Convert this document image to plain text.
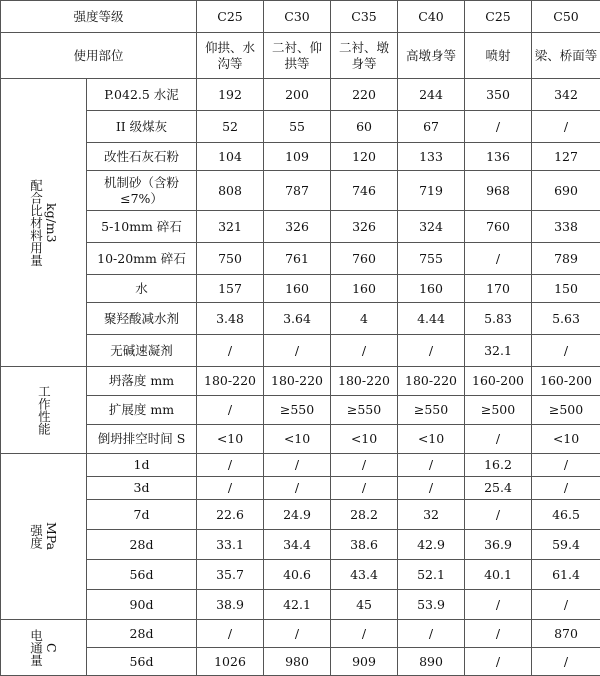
强度等级		C25	C30	C35	C40	C25	C50
使用部位		仰拱、水沟等	二衬、仰拱等	二衬、墩身等	高墩身等	喷射	梁、桥面等

配合比材料用量 kg/m3	P.042.5 水泥	192	200	220	244	350	342
	II 级煤灰	52	55	60	67	/	/
	改性石灰石粉	104	109	120	133	136	127
	机制砂（含粉≤7%）	808	787	746	719	968	690
	5-10mm 碎石	321	326	326	324	760	338
	10-20mm 碎石	750	761	760	755	/	789
	水	157	160	160	160	170	150
	聚羟酸减水剂	3.48	3.64	4	4.44	5.83	5.63
	无碱速凝剂	/	/	/	/	32.1	/

工作性能	坍落度 mm	180-220	180-220	180-220	180-220	160-200	160-200
	扩展度 mm	/	≥550	≥550	≥550	≥500	≥500
	倒坍排空时间 S	<10	<10	<10	<10	/	<10

强度 MPa	1d	/	/	/	/	16.2	/
	3d	/	/	/	/	25.4	/
	7d	22.6	24.9	28.2	32	/	46.5
	28d	33.1	34.4	38.6	42.9	36.9	59.4
	56d	35.7	40.6	43.4	52.1	40.1	61.4
	90d	38.9	42.1	45	53.9	/	/

电通量 C	28d	/	/	/	/	/	870
	56d	1026	980	909	890	/	/
